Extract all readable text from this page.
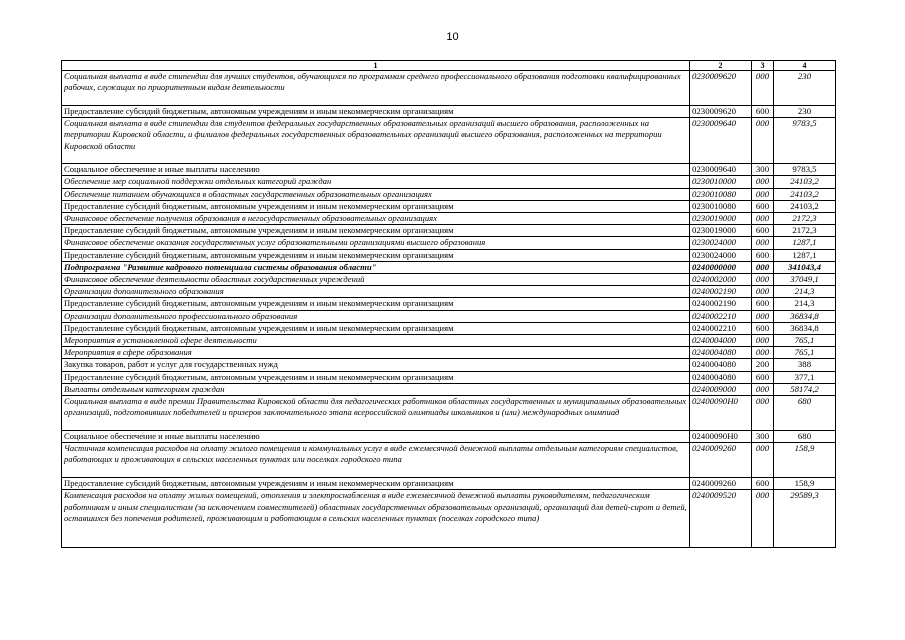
10
1	2	3	4
Социальная выплата в виде стипендии для лучших студентов, обучающихся по программам среднего профессионального образования подготовки квалифицированных рабочих, служащих по приоритетным видам деятельности	0230009620	000	230
Предоставление субсидий бюджетным, автономным учреждениям и иным некоммерческим организациям	0230009620	600	230
Социальная выплата в виде стипендии для студентов федеральных государственных образовательных организаций высшего образования, расположенных на территории Кировской области, и филиалов федеральных государственных образовательных организаций высшего образования, расположенных на территории Кировской области	0230009640	000	9783,5
Социальное обеспечение и иные выплаты населению	0230009640	300	9783,5
Обеспечение мер социальной поддержки отдельных категорий граждан	0230010000	000	24103,2
Обеспечение питанием обучающихся в областных государственных образовательных организациях	0230010080	000	24103,2
Предоставление субсидий бюджетным, автономным учреждениям и иным некоммерческим организациям	0230010080	600	24103,2
Финансовое обеспечение получения образования в негосударственных образовательных организациях	0230019000	000	2172,3
Предоставление субсидий бюджетным, автономным учреждениям и иным некоммерческим организациям	0230019000	600	2172,3
Финансовое обеспечение оказания государственных услуг образовательными организациями высшего образования	0230024000	000	1287,1
Предоставление субсидий бюджетным, автономным учреждениям и иным некоммерческим организациям	0230024000	600	1287,1
Подпрограмма "Развитие кадрового потенциала системы образования области"	0240000000	000	341043,4
Финансовое обеспечение деятельности областных государственных учреждений	0240002000	000	37049,1
Организации дополнительного образования	0240002190	000	214,3
Предоставление субсидий бюджетным, автономным учреждениям и иным некоммерческим организациям	0240002190	600	214,3
Организации дополнительного профессионального образования	0240002210	000	36834,8
Предоставление субсидий бюджетным, автономным учреждениям и иным некоммерческим организациям	0240002210	600	36834,8
Мероприятия в установленной сфере деятельности	0240004000	000	765,1
Мероприятия в сфере образования	0240004080	000	765,1
Закупка товаров, работ и услуг для государственных нужд	0240004080	200	388
Предоставление субсидий бюджетным, автономным учреждениям и иным некоммерческим организациям	0240004080	600	377,1
Выплаты отдельным категориям граждан	0240009000	000	58174,2
Социальная выплата в виде премии Правительства Кировской области для педагогических работников областных государственных и муниципальных образовательных организаций, подготовивших победителей и призеров заключительного этапа всероссийской олимпиады школьников и (или) международных олимпиад	02400090Н0	000	680
Социальное обеспечение и иные выплаты населению	02400090Н0	300	680
Частичная компенсация расходов на оплату жилого помещения и коммунальных услуг в виде ежемесячной денежной выплаты отдельным категориям специалистов, работающих и проживающих в сельских населенных пунктах или поселках городского типа	0240009260	000	158,9
Предоставление субсидий бюджетным, автономным учреждениям и иным некоммерческим организациям	0240009260	600	158,9
Компенсация расходов на оплату жилых помещений, отопления и электроснабжения в виде ежемесячной денежной выплаты руководителям, педагогическим работникам и иным специалистам (за исключением совместителей) областных государственных образовательных организаций, организаций для детей-сирот и детей, оставшихся без попечения родителей, проживающим и работающим в сельских населенных пунктах (поселках городского типа)	0240009520	000	29589,3
